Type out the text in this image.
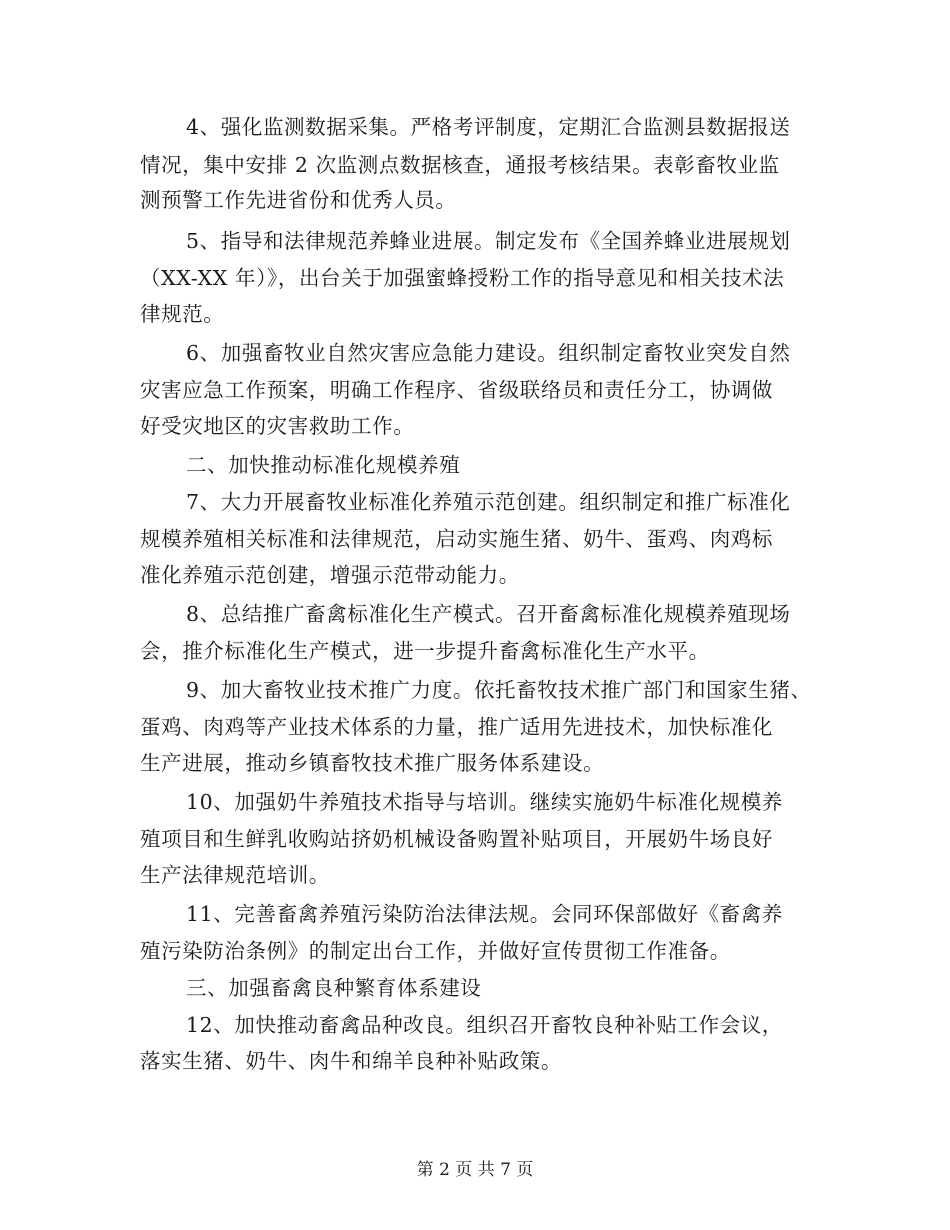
4、强化监测数据采集。严格考评制度，定期汇合监测县数据报送
情况，集中安排 2 次监测点数据核查，通报考核结果。表彰畜牧业监
测预警工作先进省份和优秀人员。
5、指导和法律规范养蜂业进展。制定发布《全国养蜂业进展规划
（XX-XX 年）》，出台关于加强蜜蜂授粉工作的指导意见和相关技术法
律规范。
6、加强畜牧业自然灾害应急能力建设。组织制定畜牧业突发自然
灾害应急工作预案，明确工作程序、省级联络员和责任分工，协调做
好受灾地区的灾害救助工作。
二、加快推动标准化规模养殖
7、大力开展畜牧业标准化养殖示范创建。组织制定和推广标准化
规模养殖相关标准和法律规范，启动实施生猪、奶牛、蛋鸡、肉鸡标
准化养殖示范创建，增强示范带动能力。
8、总结推广畜禽标准化生产模式。召开畜禽标准化规模养殖现场
会，推介标准化生产模式，进一步提升畜禽标准化生产水平。
9、加大畜牧业技术推广力度。依托畜牧技术推广部门和国家生猪、
蛋鸡、肉鸡等产业技术体系的力量，推广适用先进技术，加快标准化
生产进展，推动乡镇畜牧技术推广服务体系建设。
10、加强奶牛养殖技术指导与培训。继续实施奶牛标准化规模养
殖项目和生鲜乳收购站挤奶机械设备购置补贴项目，开展奶牛场良好
生产法律规范培训。
11、完善畜禽养殖污染防治法律法规。会同环保部做好《畜禽养
殖污染防治条例》的制定出台工作，并做好宣传贯彻工作准备。
三、加强畜禽良种繁育体系建设
12、加快推动畜禽品种改良。组织召开畜牧良种补贴工作会议，
落实生猪、奶牛、肉牛和绵羊良种补贴政策。
第 2 页 共 7 页
